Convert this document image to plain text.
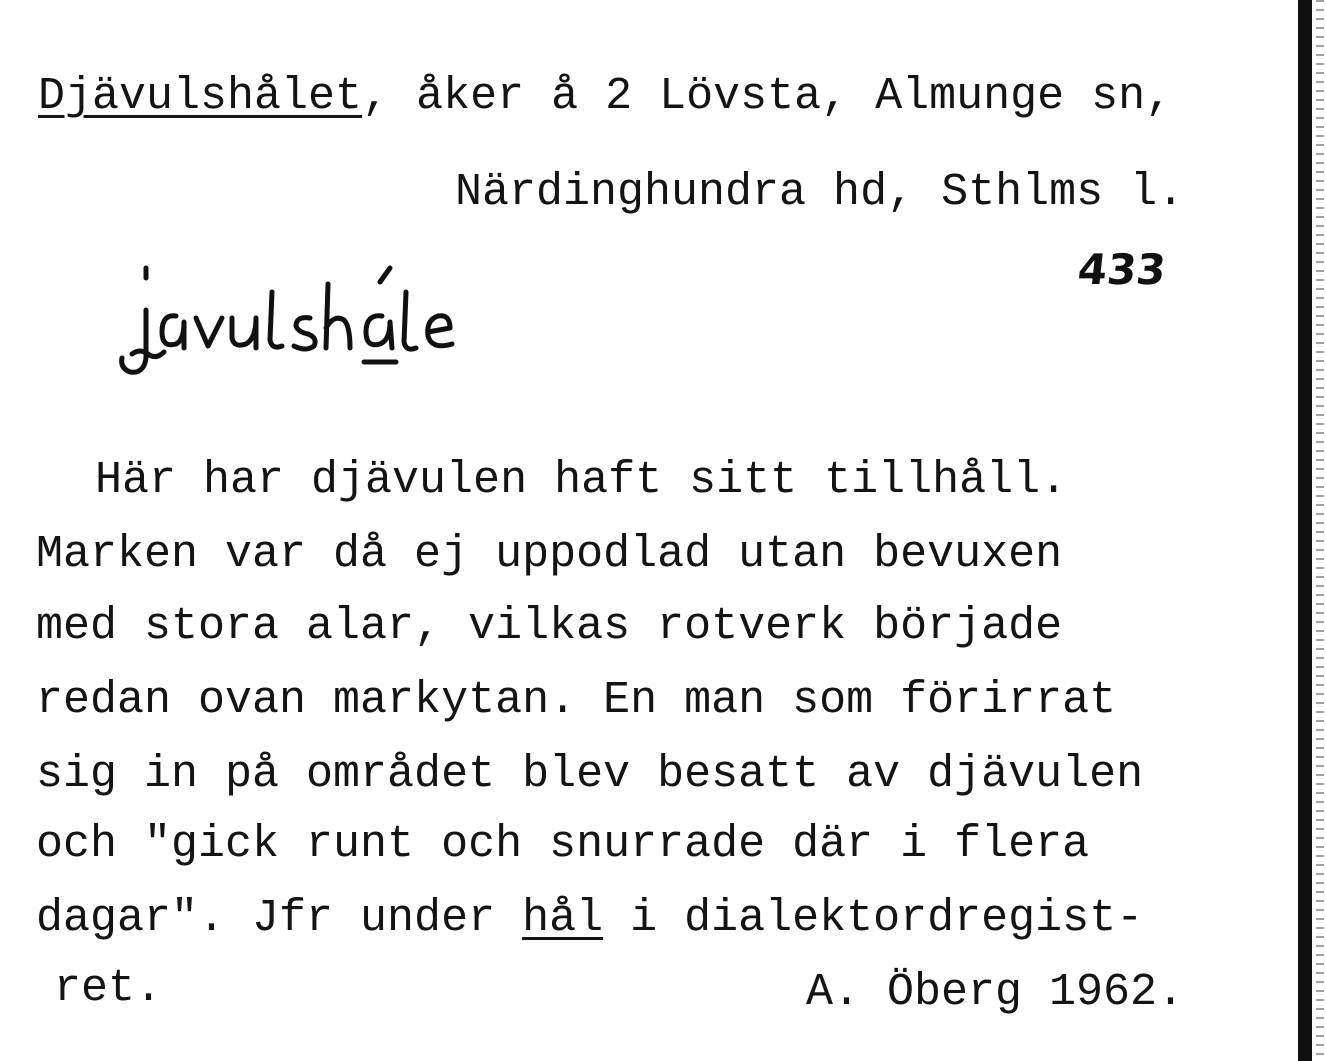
Djävulshålet, åker å 2 Lövsta, Almunge sn,
Närdinghundra hd, Sthlms l.
433
Här har djävulen haft sitt tillhåll.
Marken var då ej uppodlad utan bevuxen
med stora alar, vilkas rotverk började
redan ovan markytan. En man som förirrat
sig in på området blev besatt av djävulen
och "gick runt och snurrade där i flera
dagar". Jfr under hål i dialektordregist-
ret.	A. Öberg 1962.
